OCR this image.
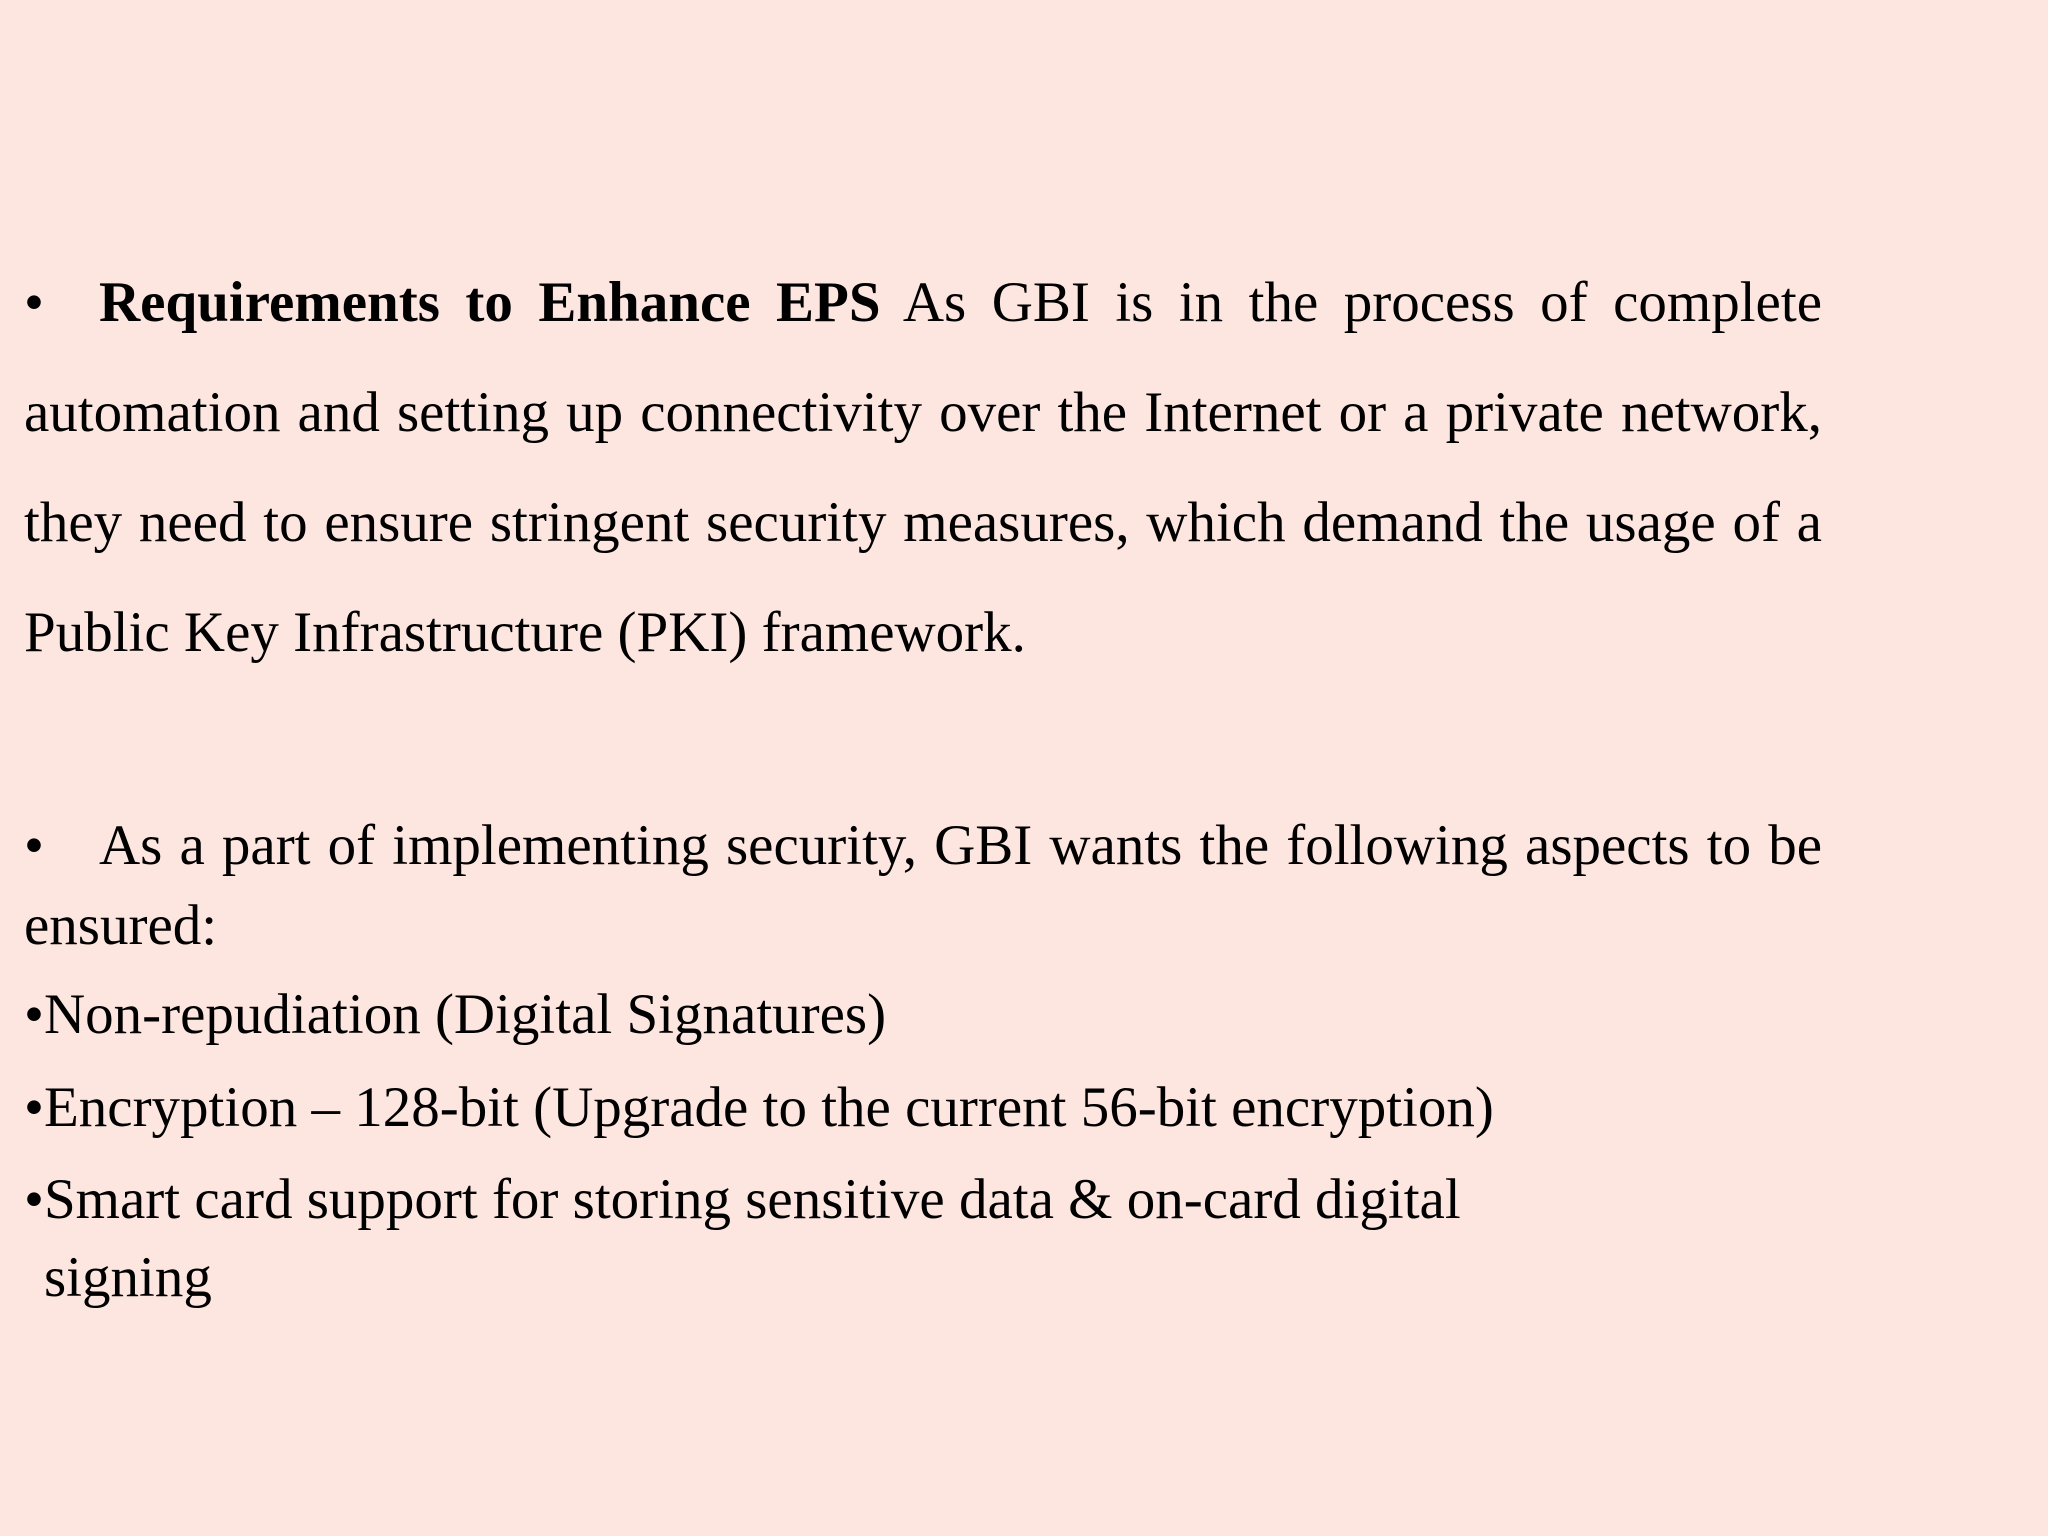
• Requirements to Enhance EPS As GBI is in the process of complete automation and setting up connectivity over the Internet or a private network, they need to ensure stringent security measures, which demand the usage of a Public Key Infrastructure (PKI) framework.
• As a part of implementing security, GBI wants the following aspects to be ensured:
•Non-repudiation (Digital Signatures)
•Encryption – 128-bit (Upgrade to the current 56-bit encryption)
•Smart card support for storing sensitive data & on-card digital
signing
